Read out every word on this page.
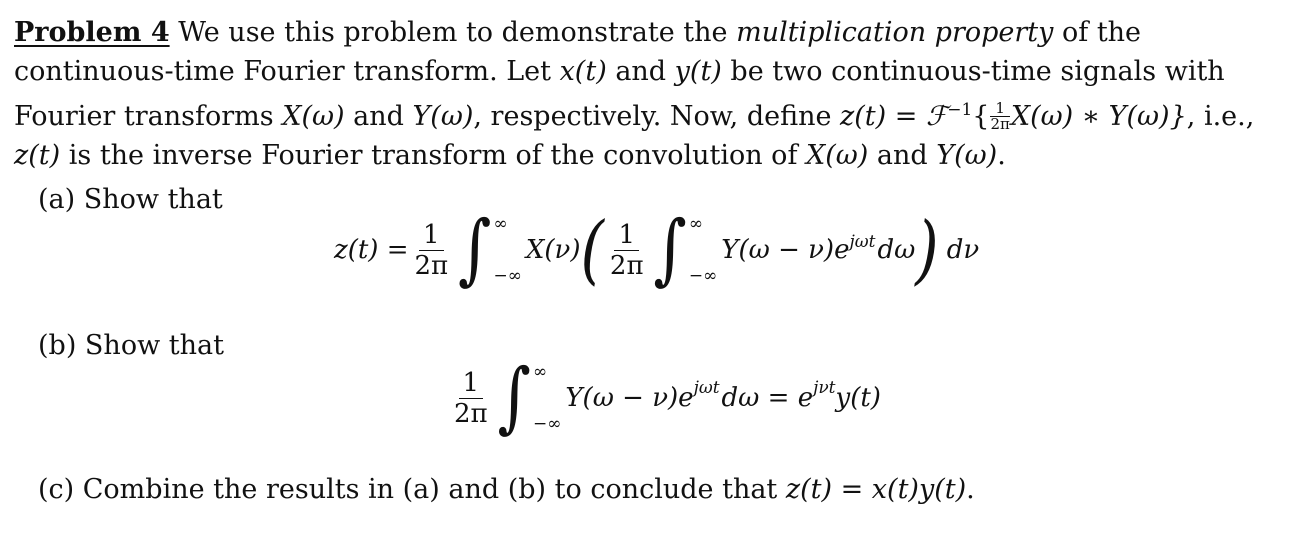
Problem 4 We use this problem to demonstrate the multiplication property of the continuous-time Fourier transform. Let x(t) and y(t) be two continuous-time signals with Fourier transforms X(ω) and Y(ω), respectively. Now, define z(t) = ℱ$^{-1}${ $\frac{1}{2\pi} X(\omega)$ ∗ Y(ω)}, i.e., z(t) is the inverse Fourier transform of the convolution of X(ω) and Y(ω).
(a) Show that
$z(t) = \frac{1}{2\pi}$ ∫ ∞
−∞
X(ν) ( $\frac{1}{2\pi}$ ∫ ∞
−∞
$Y(\omega - \nu)e^{j\omega t}$ dω ) dν
(b) Show that
$\frac{1}{2\pi}$ ∫ ∞
−∞
$Y(\omega - \nu)e^{j\omega t}$ $d\omega = e^{j\nu t}$ y(t)
(c) Combine the results in (a) and (b) to conclude that z(t) = x(t)y(t).
